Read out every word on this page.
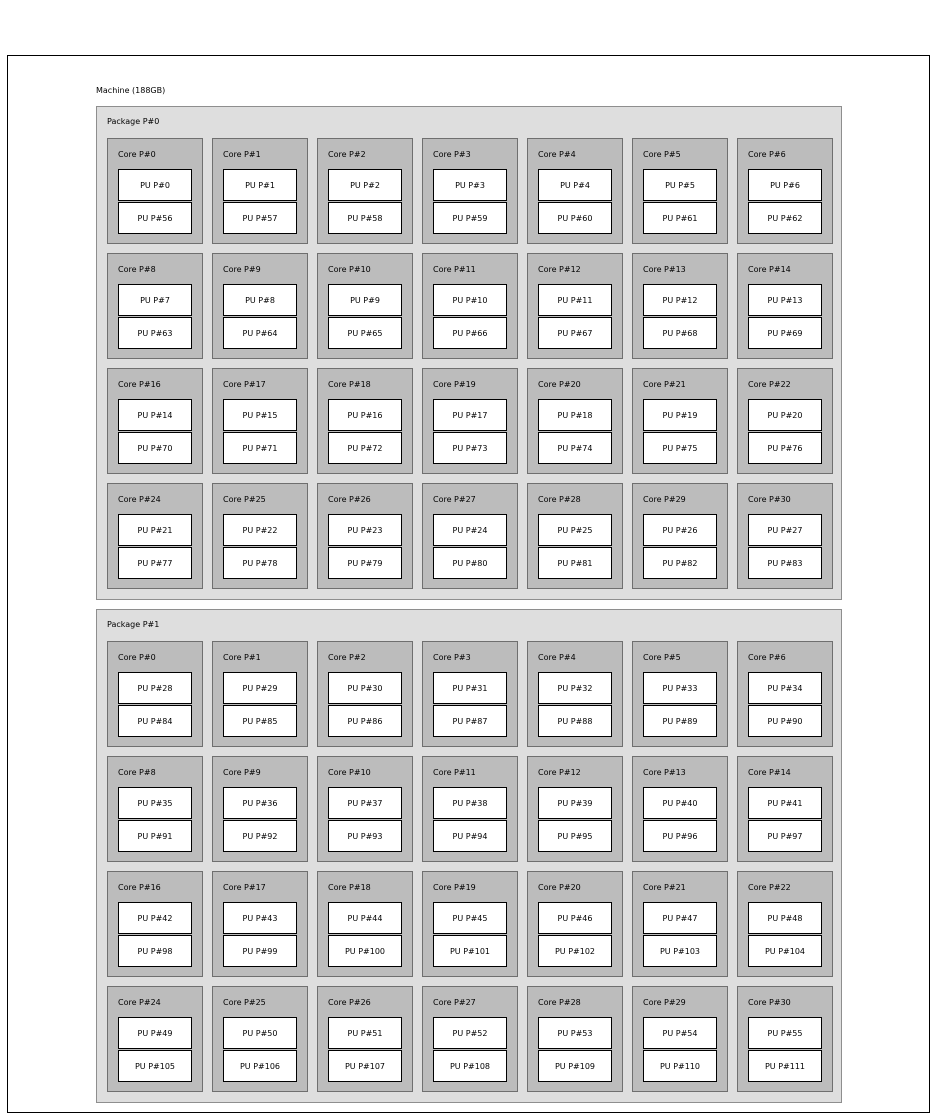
Machine (188GB)
Package P#0
Core P#0
PU P#0
PU P#56
Core P#1
PU P#1
PU P#57
Core P#2
PU P#2
PU P#58
Core P#3
PU P#3
PU P#59
Core P#4
PU P#4
PU P#60
Core P#5
PU P#5
PU P#61
Core P#6
PU P#6
PU P#62
Core P#8
PU P#7
PU P#63
Core P#9
PU P#8
PU P#64
Core P#10
PU P#9
PU P#65
Core P#11
PU P#10
PU P#66
Core P#12
PU P#11
PU P#67
Core P#13
PU P#12
PU P#68
Core P#14
PU P#13
PU P#69
Core P#16
PU P#14
PU P#70
Core P#17
PU P#15
PU P#71
Core P#18
PU P#16
PU P#72
Core P#19
PU P#17
PU P#73
Core P#20
PU P#18
PU P#74
Core P#21
PU P#19
PU P#75
Core P#22
PU P#20
PU P#76
Core P#24
PU P#21
PU P#77
Core P#25
PU P#22
PU P#78
Core P#26
PU P#23
PU P#79
Core P#27
PU P#24
PU P#80
Core P#28
PU P#25
PU P#81
Core P#29
PU P#26
PU P#82
Core P#30
PU P#27
PU P#83
Package P#1
Core P#0
PU P#28
PU P#84
Core P#1
PU P#29
PU P#85
Core P#2
PU P#30
PU P#86
Core P#3
PU P#31
PU P#87
Core P#4
PU P#32
PU P#88
Core P#5
PU P#33
PU P#89
Core P#6
PU P#34
PU P#90
Core P#8
PU P#35
PU P#91
Core P#9
PU P#36
PU P#92
Core P#10
PU P#37
PU P#93
Core P#11
PU P#38
PU P#94
Core P#12
PU P#39
PU P#95
Core P#13
PU P#40
PU P#96
Core P#14
PU P#41
PU P#97
Core P#16
PU P#42
PU P#98
Core P#17
PU P#43
PU P#99
Core P#18
PU P#44
PU P#100
Core P#19
PU P#45
PU P#101
Core P#20
PU P#46
PU P#102
Core P#21
PU P#47
PU P#103
Core P#22
PU P#48
PU P#104
Core P#24
PU P#49
PU P#105
Core P#25
PU P#50
PU P#106
Core P#26
PU P#51
PU P#107
Core P#27
PU P#52
PU P#108
Core P#28
PU P#53
PU P#109
Core P#29
PU P#54
PU P#110
Core P#30
PU P#55
PU P#111
